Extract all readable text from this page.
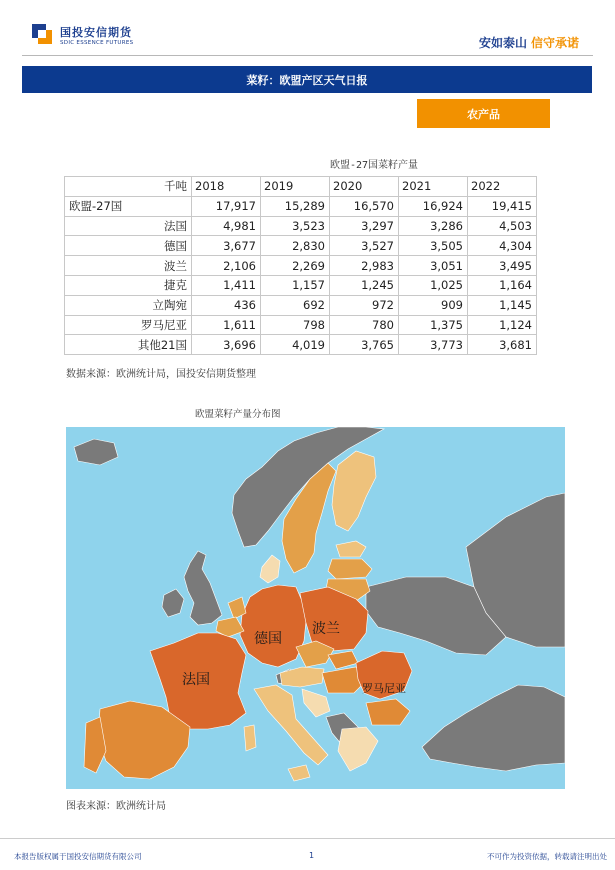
国投安信期货
SDIC ESSENCE FUTURES	安如泰山 信守承诺
菜籽：欧盟产区天气日报
农产品
欧盟-27国菜籽产量
千吨	2018	2019	2020	2021	2022
欧盟-27国	17,917	15,289	16,570	16,924	19,415
法国	4,981	3,523	3,297	3,286	4,503
德国	3,677	2,830	3,527	3,505	4,304
波兰	2,106	2,269	2,983	3,051	3,495
捷克	1,411	1,157	1,245	1,025	1,164
立陶宛	436	692	972	909	1,145
罗马尼亚	1,611	798	780	1,375	1,124
其他21国	3,696	4,019	3,765	3,773	3,681
数据来源：欧洲统计局，国投安信期货整理
欧盟菜籽产量分布图
德国
波兰
法国
罗马尼亚
图表来源：欧洲统计局
本报告版权属于国投安信期货有限公司	1	不可作为投资依据，转载请注明出处
